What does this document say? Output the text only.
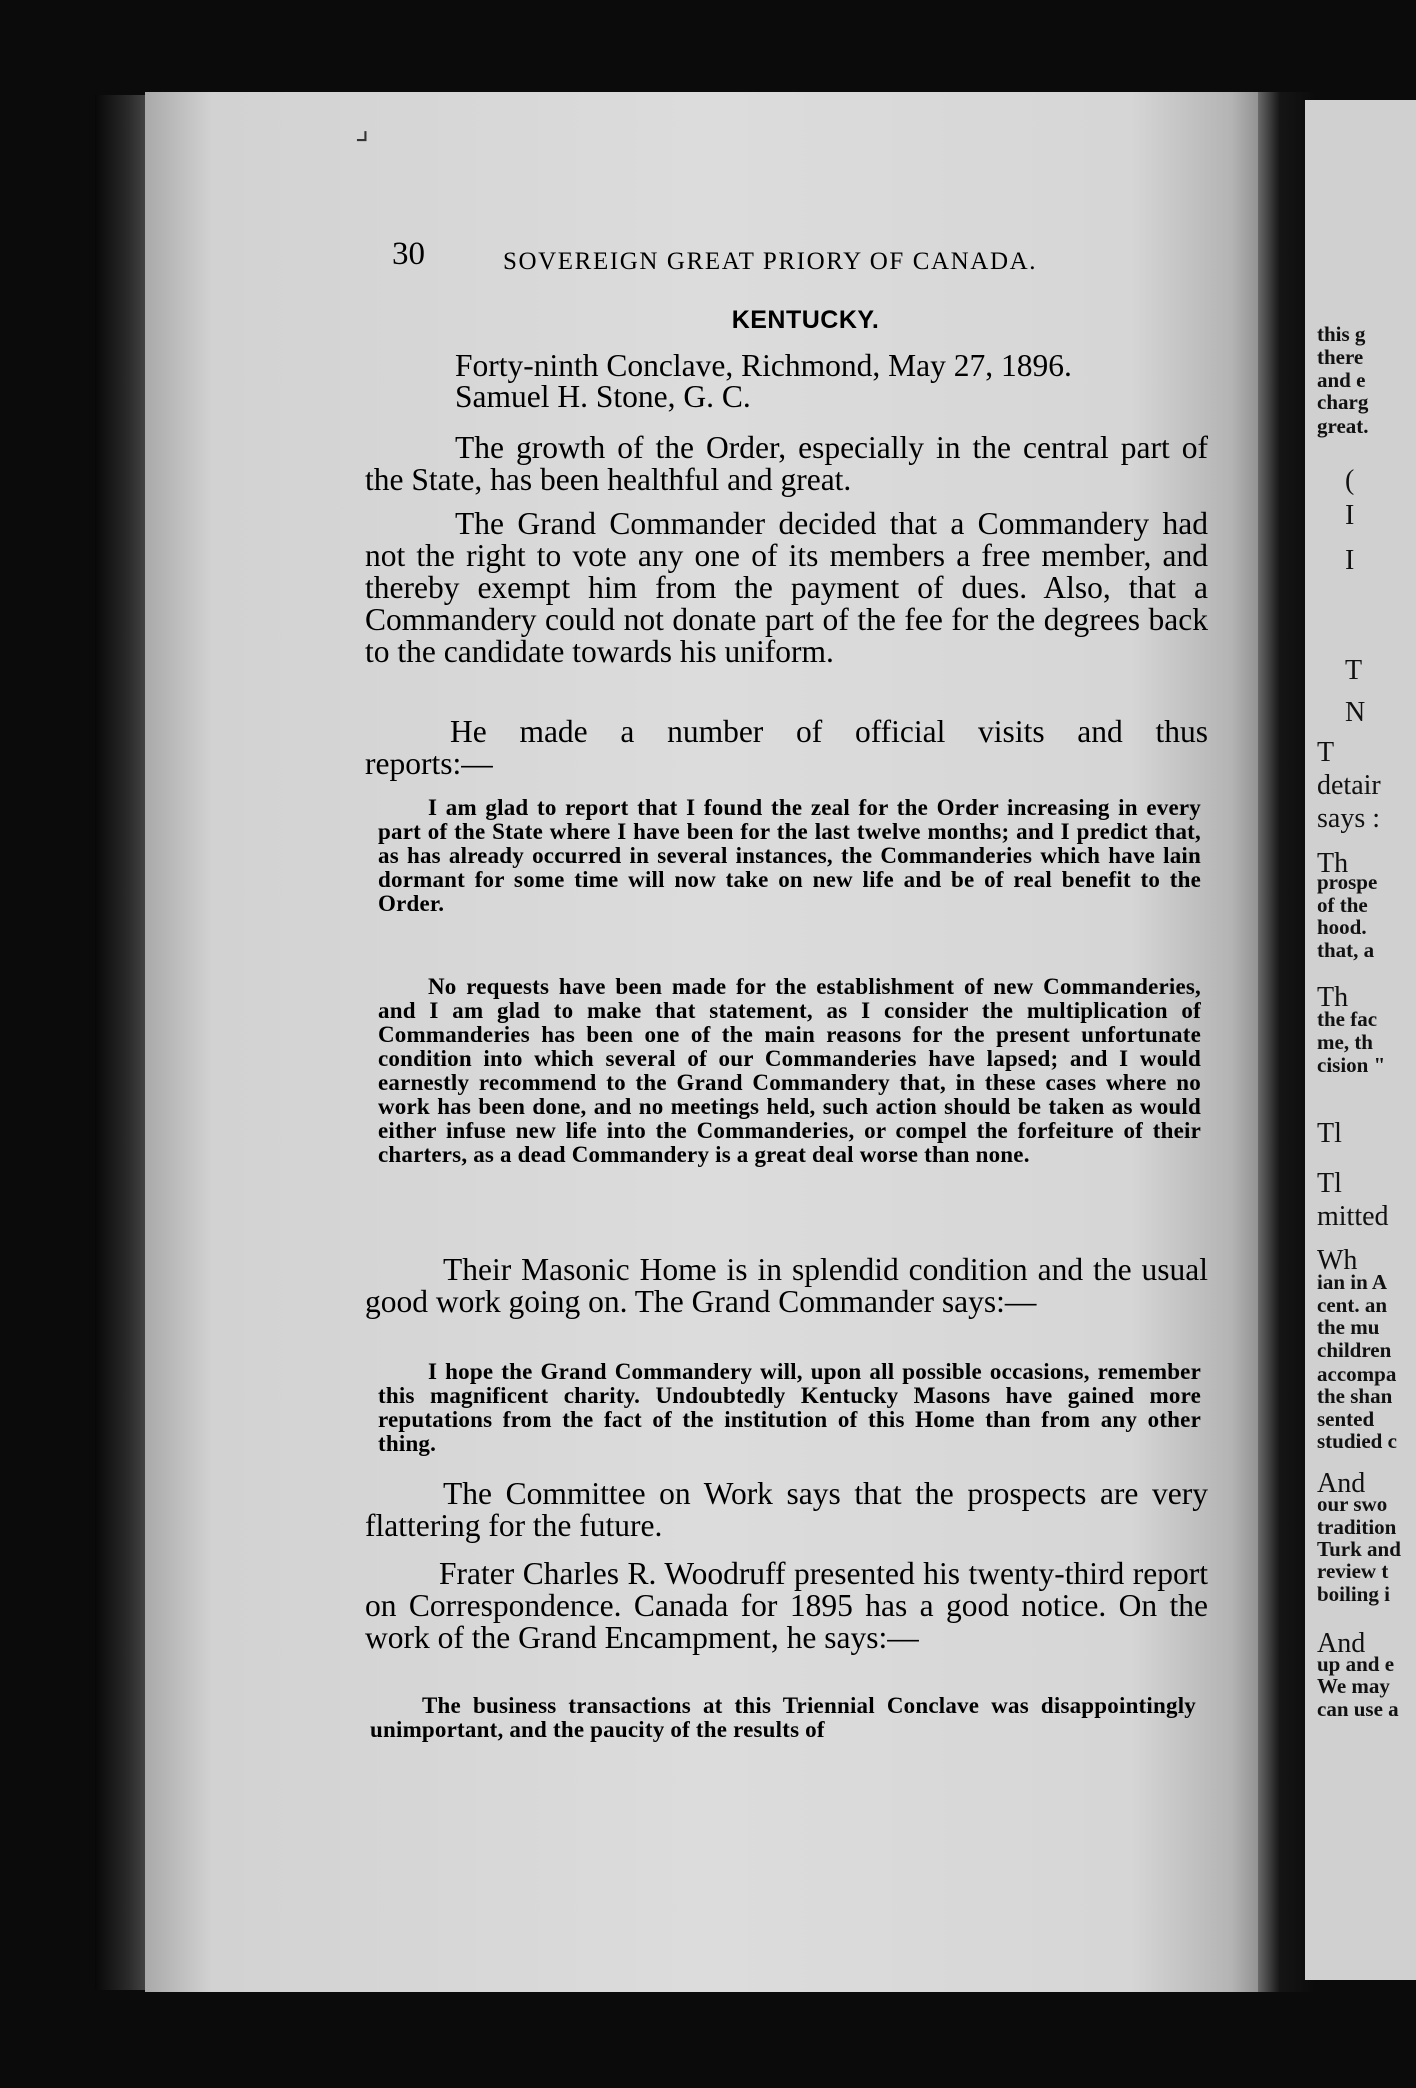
this g
there
and e
charg
great.
(
I
I
T
N
T
detair
says :
Th
prospe
of the
hood.
that, a
Th
the fac
me, th
cision "
Tl
Tl
mitted
Wh
ian in A
cent. an
the mu
children
accompa
the shan
sented
studied c
And
our swo
tradition
Turk and
review t
boiling i
And
up and e
We may
can use a
⌟
30	SOVEREIGN GREAT PRIORY OF CANADA.
KENTUCKY.

Forty-ninth Conclave, Richmond, May 27, 1896.

Samuel H. Stone, G. C.

The growth of the Order, especially in the central part of the State, has been healthful and great.

The Grand Commander decided that a Commandery had not the right to vote any one of its members a free member, and thereby exempt him from the payment of dues. Also, that a Commandery could not donate part of the fee for the degrees back to the candidate towards his uniform.

He made a number of official visits and thus reports:—

I am glad to report that I found the zeal for the Order increasing in every part of the State where I have been for the last twelve months; and I predict that, as has already occurred in several instances, the Commanderies which have lain dormant for some time will now take on new life and be of real benefit to the Order.

No requests have been made for the establishment of new Commanderies, and I am glad to make that statement, as I consider the multiplication of Commanderies has been one of the main reasons for the present unfortunate condition into which several of our Commanderies have lapsed; and I would earnestly recommend to the Grand Commandery that, in these cases where no work has been done, and no meetings held, such action should be taken as would either infuse new life into the Commanderies, or compel the forfeiture of their charters, as a dead Commandery is a great deal worse than none.

Their Masonic Home is in splendid condition and the usual good work going on. The Grand Commander says:—

I hope the Grand Commandery will, upon all possible occasions, remember this magnificent charity. Undoubtedly Kentucky Masons have gained more reputations from the fact of the institution of this Home than from any other thing.

The Committee on Work says that the prospects are very flattering for the future.

Frater Charles R. Woodruff presented his twenty-third report on Correspondence. Canada for 1895 has a good notice. On the work of the Grand Encampment, he says:—

The business transactions at this Triennial Conclave was disappointingly unimportant, and the paucity of the results of
